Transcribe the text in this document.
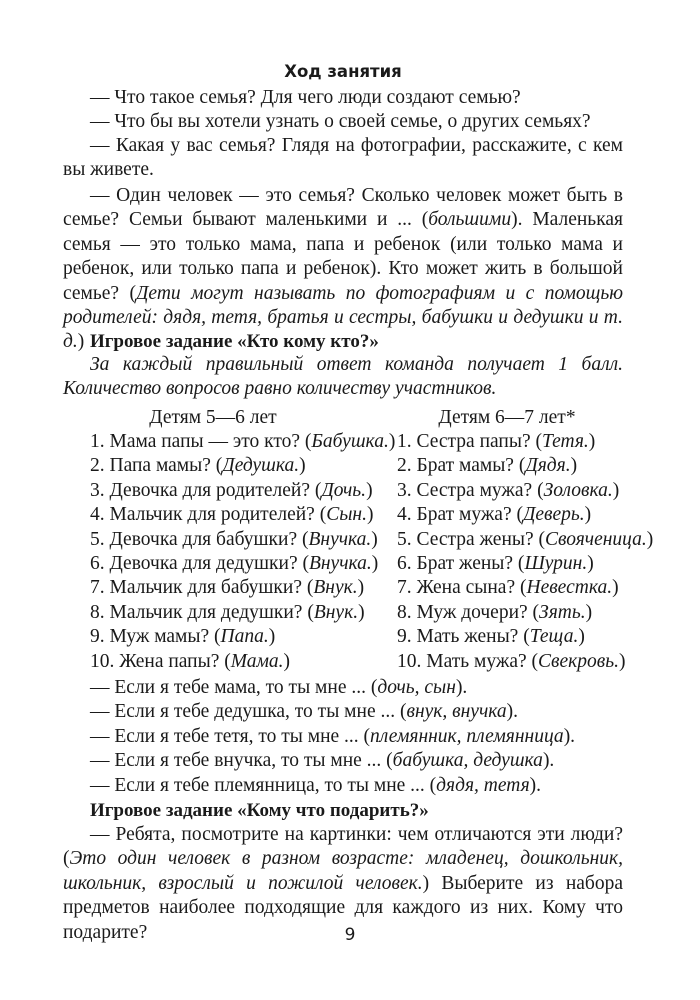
Ход занятия
— Что такое семья? Для чего люди создают семью?
— Что бы вы хотели узнать о своей семье, о других семьях?
— Какая у вас семья? Глядя на фотографии, расскажите, с кем вы живете.
— Один человек — это семья? Сколько человек может быть в семье? Семьи бывают маленькими и ... (большими). Маленькая семья — это только мама, папа и ребенок (или только мама и ребенок, или только папа и ребенок). Кто может жить в большой семье? (Дети могут называть по фотографиям и с помощью родителей: дядя, тетя, братья и сестры, бабушки и дедушки и т. д.) Игровое задание «Кто кому кто?»
За каждый правильный ответ команда получает 1 балл. Количество вопросов равно количеству участников.
Детям 5—6 лет	Детям 6—7 лет*
1. Мама папы — это кто? (Бабушка.)
2. Папа мамы? (Дедушка.)
3. Девочка для родителей? (Дочь.)
4. Мальчик для родителей? (Сын.)
5. Девочка для бабушки? (Внучка.)
6. Девочка для дедушки? (Внучка.)
7. Мальчик для бабушки? (Внук.)
8. Мальчик для дедушки? (Внук.)
9. Муж мамы? (Папа.)
10. Жена папы? (Мама.)
1. Сестра папы? (Тетя.)
2. Брат мамы? (Дядя.)
3. Сестра мужа? (Золовка.)
4. Брат мужа? (Деверь.)
5. Сестра жены? (Свояченица.)
6. Брат жены? (Шурин.)
7. Жена сына? (Невестка.)
8. Муж дочери? (Зять.)
9. Мать жены? (Теща.)
10. Мать мужа? (Свекровь.)
— Если я тебе мама, то ты мне ... (дочь, сын).
— Если я тебе дедушка, то ты мне ... (внук, внучка).
— Если я тебе тетя, то ты мне ... (племянник, племянница).
— Если я тебе внучка, то ты мне ... (бабушка, дедушка).
— Если я тебе племянница, то ты мне ... (дядя, тетя).
Игровое задание «Кому что подарить?»
— Ребята, посмотрите на картинки: чем отличаются эти люди? (Это один человек в разном возрасте: младенец, дошкольник, школьник, взрослый и пожилой человек.) Выберите из набора предметов наиболее подходящие для каждого из них. Кому что подарите?	9
